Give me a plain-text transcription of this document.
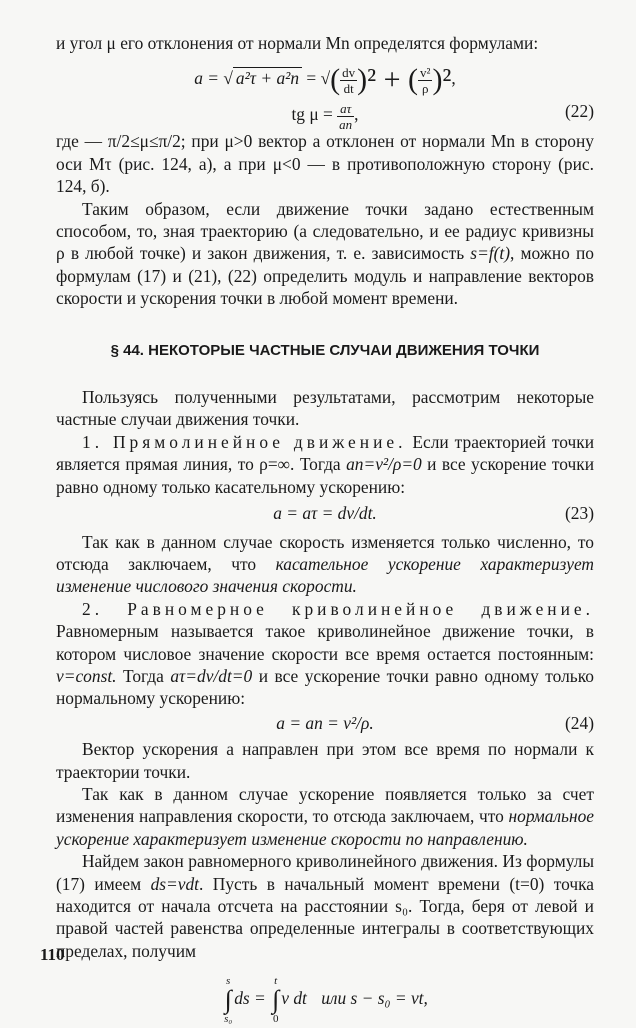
и угол μ его отклонения от нормали Mn определятся формулами:

a = √ a²τ + a²n = √( $\frac{dv}{dt} )^2$ + ( $\frac{\text{v²}}{\rho} )^2$,
tg $\mu = \frac{a\tau}{an}$ ,	(22)

где — π/2≤μ≤π/2; при μ>0 вектор a отклонен от нормали Mn в сторону оси Mτ (рис. 124, а), а при μ<0 — в противоположную сторону (рис. 124, б).

Таким образом, если движение точки задано естественным способом, то, зная траекторию (а следовательно, и ее радиус кривизны ρ в любой точке) и закон движения, т. е. зависимость s=f(t), можно по формулам (17) и (21), (22) определить модуль и направление векторов скорости и ускорения точки в любой момент времени.

§ 44. НЕКОТОРЫЕ ЧАСТНЫЕ СЛУЧАИ ДВИЖЕНИЯ ТОЧКИ

Пользуясь полученными результатами, рассмотрим некоторые частные случаи движения точки.

1. Прямолинейное движение. Если траекторией точки является прямая линия, то ρ=∞. Тогда an=v²/ρ=0 и все ускорение точки равно одному только касательному ускорению:

a = aτ = dv/dt.	(23)

Так как в данном случае скорость изменяется только численно, то отсюда заключаем, что касательное ускорение характеризует изменение числового значения скорости.

2. Равномерное криволинейное движение. Равномерным называется такое криволинейное движение точки, в котором числовое значение скорости все время остается постоянным: v=const. Тогда aτ=dv/dt=0 и все ускорение точки равно одному только нормальному ускорению:

a = an = v²/ρ.	(24)

Вектор ускорения a направлен при этом все время по нормали к траектории точки.

Так как в данном случае ускорение появляется только за счет изменения направления скорости, то отсюда заключаем, что нормальное ускорение характеризует изменение скорости по направлению.

Найдем закон равномерного криволинейного движения. Из формулы (17) имеем ds=vdt. Пусть в начальный момент времени (t=0) точка находится от начала отсчета на расстоянии s₀. Тогда, беря от левой и правой частей равенства определенные интегралы в соответствующих пределах, получим

s
∫
s₀ds = t
∫
0v dt или s − s₀ = vt,
110
